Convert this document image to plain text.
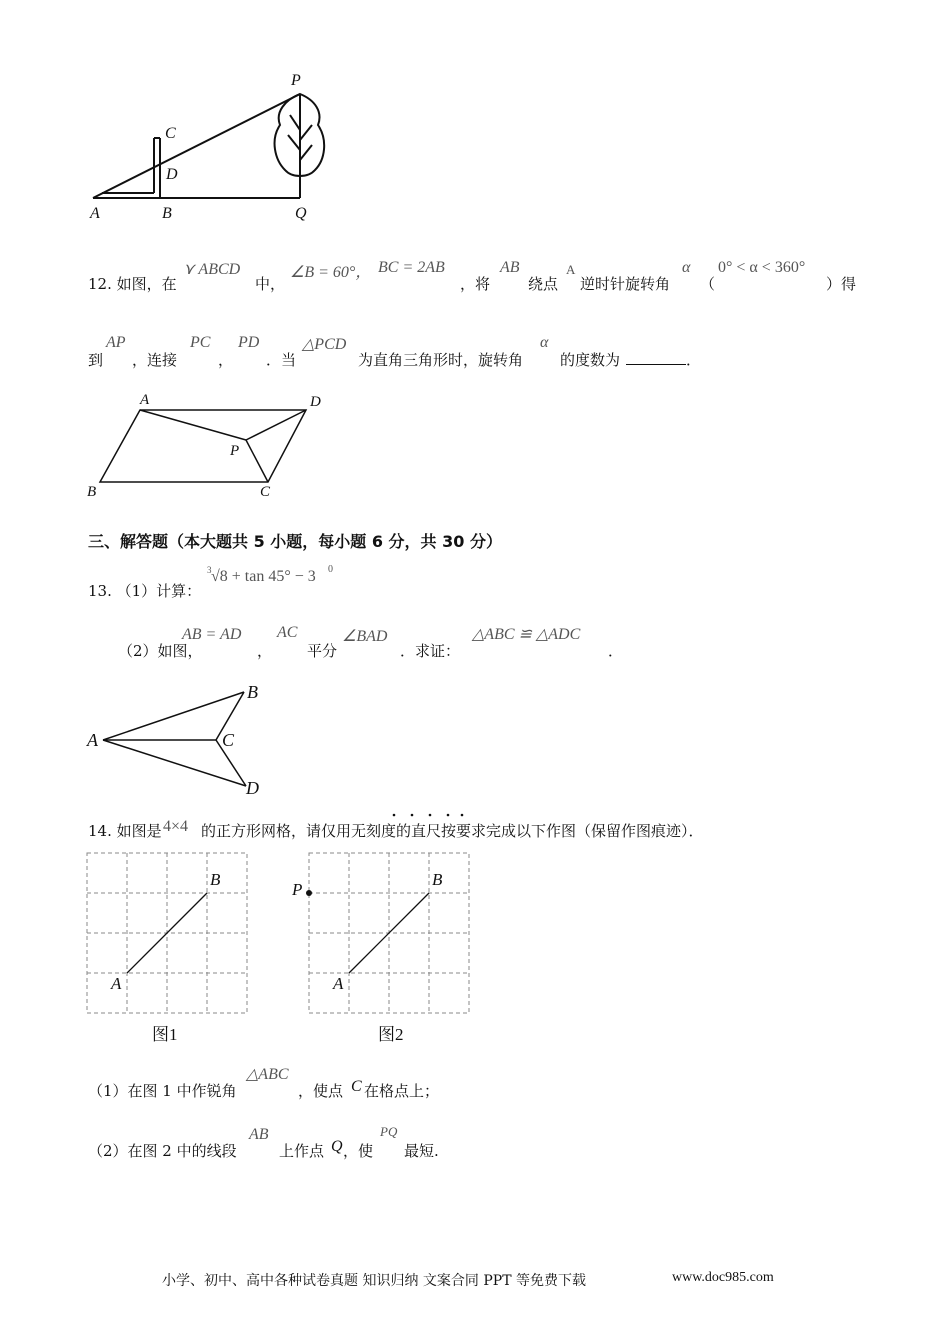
P
C
D
A	B	Q
12. 如图，在
⋎ ABCD
中，
∠B = 60°， BC = 2AB
，将
AB
绕点
A
逆时针旋转角
α
（
0° < α < 360°
）得
到
AP
，连接
PC
，
PD
．当
△PCD
为直角三角形时，旋转角
α
的度数为	．
A	D
P
B	C
三、解答题（本大题共 5 小题，每小题 6 分，共 30 分）
13. （1）计算：
3 √8 + tan 45° − 3 0
（2）如图，
AB = AD
，
AC
平分
∠BAD
．求证：
△ABC ≌ △ADC
．
A
B
C
D
14. 如图是 4×4 的正方形网格，请仅用无刻度的直尺按要求完成以下作图（保留作图痕迹）．
A
B
A
B
P
图1	图2
（1）在图 1 中作锐角
△ABC
，使点 C 在格点上；
（2）在图 2 中的线段
AB
上作点 Q ，使
PQ
最短.
小学、初中、高中各种试卷真题 知识归纳 文案合同 PPT 等免费下载	www.doc985.com
